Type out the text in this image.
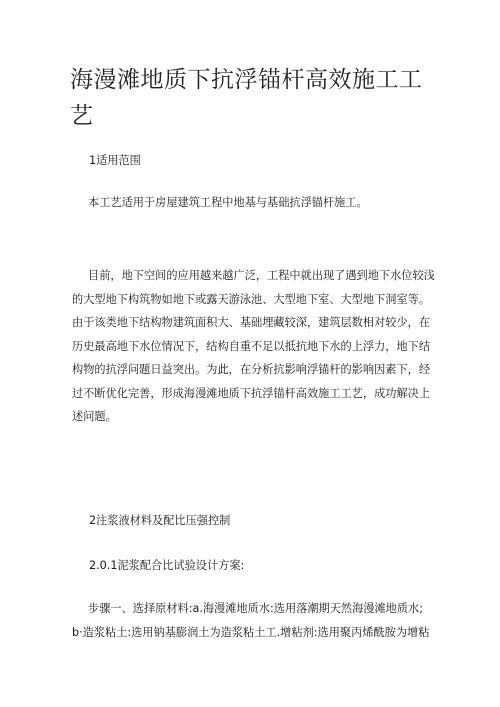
海漫滩地质下抗浮锚杆高效施工工
艺

1适用范围

本工艺适用于房屋建筑工程中地基与基础抗浮锚杆施工。

目前，地下空间的应用越来越广泛，工程中就出现了遇到地下水位较浅
的大型地下构筑物如地下或露天游泳池、大型地下室、大型地下洞室等。
由于该类地下结构物建筑面积大、基础埋藏较深，建筑层数相对较少，在
历史最高地下水位情况下，结构自重不足以抵抗地下水的上浮力，地下结
构物的抗浮问题日益突出。为此，在分析抗影响浮锚杆的影响因素下，经
过不断优化完善，形成海漫滩地质下抗浮锚杆高效施工工艺，成功解决上
述问题。

2注浆液材料及配比压强控制

2.0.1泥浆配合比试验设计方案:

步骤一、选择原材料:a.海漫滩地质水:选用落潮期天然海漫滩地质水;
b·造浆粘土:选用钠基膨润土为造浆粘土工.增粘剂:选用聚丙烯酰胺为增粘
